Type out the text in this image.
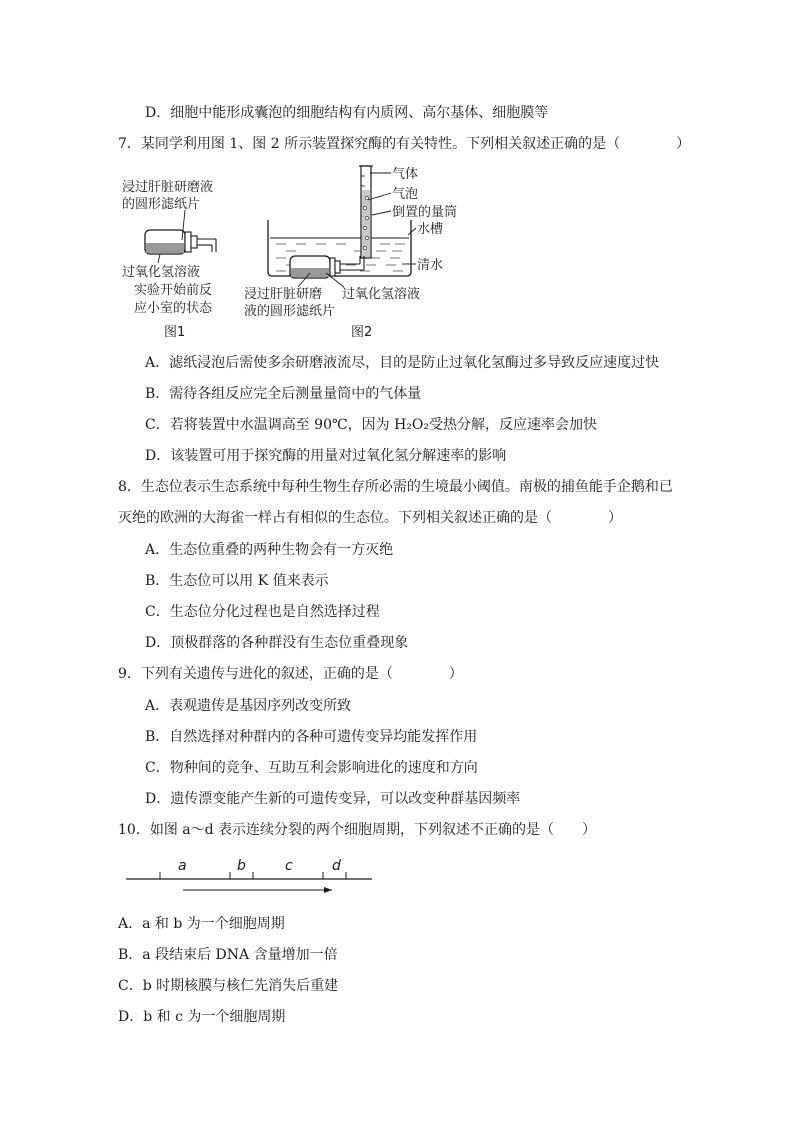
D．细胞中能形成囊泡的细胞结构有内质网、高尔基体、细胞膜等
7．某同学利用图 1、图 2 所示装置探究酶的有关特性。下列相关叙述正确的是（　　　　）
浸过肝脏研磨液
的圆形滤纸片
过氧化氢溶液
实验开始前反
应小室的状态
图1
气体
气泡
倒置的量筒
水槽
清水
浸过肝脏研磨
液的圆形滤纸片
过氧化氢溶液
图2
A．滤纸浸泡后需使多余研磨液流尽，目的是防止过氧化氢酶过多导致反应速度过快
B．需待各组反应完全后测量量筒中的气体量
C．若将装置中水温调高至 90℃，因为 H₂O₂受热分解，反应速率会加快
D．该装置可用于探究酶的用量对过氧化氢分解速率的影响
8．生态位表示生态系统中每种生物生存所必需的生境最小阈值。南极的捕鱼能手企鹅和已
灭绝的欧洲的大海雀一样占有相似的生态位。下列相关叙述正确的是（　　　　）
A．生态位重叠的两种生物会有一方灭绝
B．生态位可以用 K 值来表示
C．生态位分化过程也是自然选择过程
D．顶极群落的各种群没有生态位重叠现象
9．下列有关遗传与进化的叙述，正确的是（　　　　）
A．表观遗传是基因序列改变所致
B．自然选择对种群内的各种可遗传变异均能发挥作用
C．物种间的竞争、互助互利会影响进化的速度和方向
D．遗传漂变能产生新的可遗传变异，可以改变种群基因频率
10．如图 a～d 表示连续分裂的两个细胞周期，下列叙述不正确的是（　　）
a	b	c	d
A．a 和 b 为一个细胞周期
B．a 段结束后 DNA 含量增加一倍
C．b 时期核膜与核仁先消失后重建
D．b 和 c 为一个细胞周期
